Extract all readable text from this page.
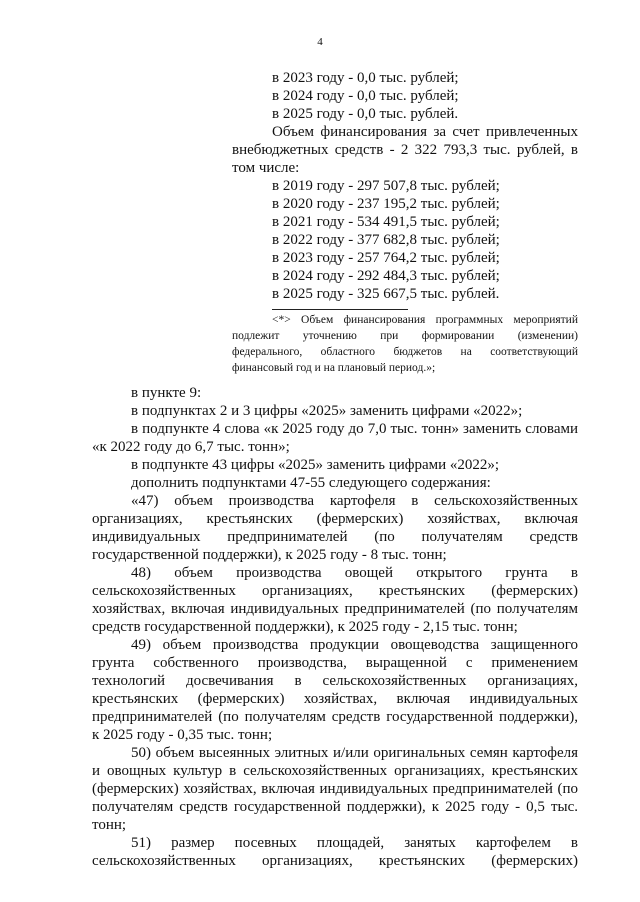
4
в 2023 году - 0,0 тыс. рублей;
в 2024 году - 0,0 тыс. рублей;
в 2025 году - 0,0 тыс. рублей.
Объем финансирования за счет привлеченных
внебюджетных средств - 2 322 793,3 тыс. рублей, в
том числе:
в 2019 году - 297 507,8 тыс. рублей;
в 2020 году - 237 195,2 тыс. рублей;
в 2021 году - 534 491,5 тыс. рублей;
в 2022 году - 377 682,8 тыс. рублей;
в 2023 году - 257 764,2 тыс. рублей;
в 2024 году - 292 484,3 тыс. рублей;
в 2025 году - 325 667,5 тыс. рублей.
<*> Объем финансирования программных мероприятий
подлежит уточнению при формировании (изменении)
федерального, областного бюджетов на соответствующий
финансовый год и на плановый период.»;
в пункте 9:
в подпунктах 2 и 3 цифры «2025» заменить цифрами «2022»;
в подпункте 4 слова «к 2025 году до 7,0 тыс. тонн» заменить словами
«к 2022 году до 6,7 тыс. тонн»;
в подпункте 43 цифры «2025» заменить цифрами «2022»;
дополнить подпунктами 47-55 следующего содержания:
«47) объем производства картофеля в сельскохозяйственных
организациях, крестьянских (фермерских) хозяйствах, включая
индивидуальных предпринимателей (по получателям средств
государственной поддержки), к 2025 году - 8 тыс. тонн;
48) объем производства овощей открытого грунта в
сельскохозяйственных организациях, крестьянских (фермерских)
хозяйствах, включая индивидуальных предпринимателей (по получателям
средств государственной поддержки), к 2025 году - 2,15 тыс. тонн;
49) объем производства продукции овощеводства защищенного
грунта собственного производства, выращенной с применением
технологий досвечивания в сельскохозяйственных организациях,
крестьянских (фермерских) хозяйствах, включая индивидуальных
предпринимателей (по получателям средств государственной поддержки),
к 2025 году - 0,35 тыс. тонн;
50) объем высеянных элитных и/или оригинальных семян картофеля
и овощных культур в сельскохозяйственных организациях, крестьянских
(фермерских) хозяйствах, включая индивидуальных предпринимателей (по
получателям средств государственной поддержки), к 2025 году - 0,5 тыс.
тонн;
51) размер посевных площадей, занятых картофелем в
сельскохозяйственных организациях, крестьянских (фермерских)
